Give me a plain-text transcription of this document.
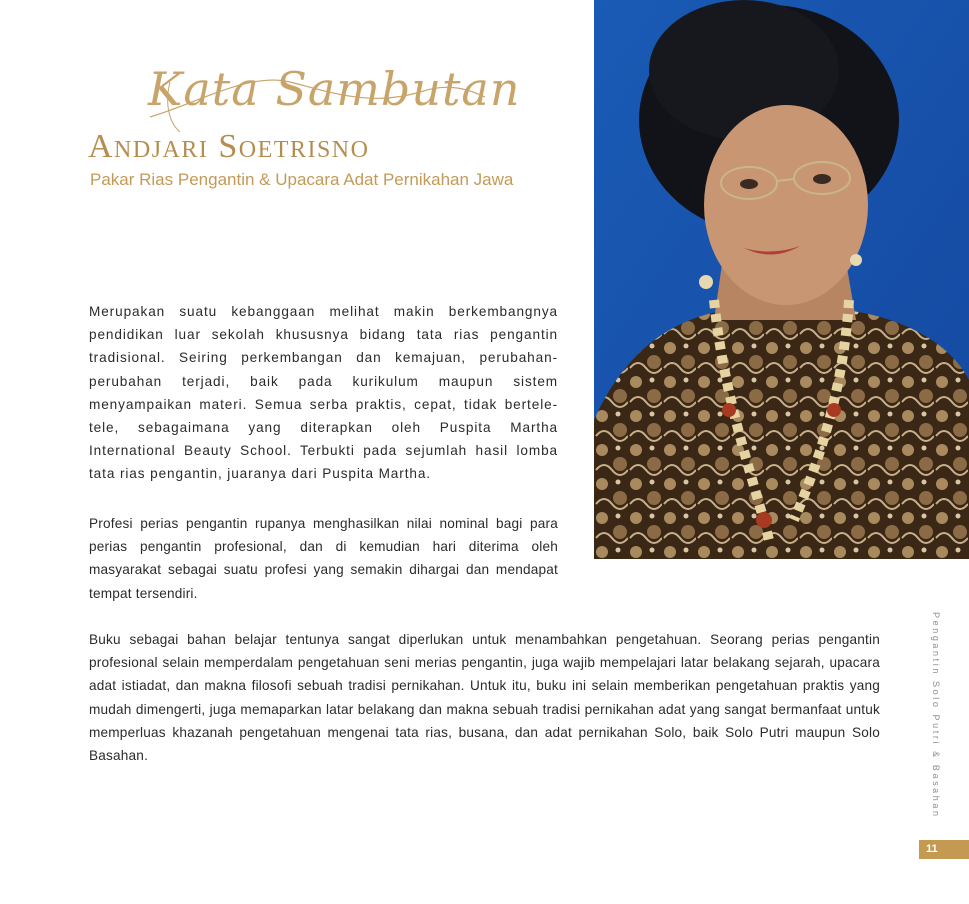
Kata Sambutan
Andjari Soetrisno
Pakar Rias Pengantin & Upacara Adat Pernikahan Jawa

Merupakan suatu kebanggaan melihat makin berkembangnya pendidikan luar sekolah khususnya bidang tata rias pengantin tradisional. Seiring perkembangan dan kemajuan, perubahan-perubahan terjadi, baik pada kurikulum maupun sistem menyampaikan materi. Semua serba praktis, cepat, tidak bertele-tele, sebagaimana yang diterapkan oleh Puspita Martha International Beauty School. Terbukti pada sejumlah hasil lomba tata rias pengantin, juaranya dari Puspita Martha.

Profesi perias pengantin rupanya menghasilkan nilai nominal bagi para perias pengantin profesional, dan di kemudian hari diterima oleh masyarakat sebagai suatu profesi yang semakin dihargai dan mendapat tempat tersendiri.

Buku sebagai bahan belajar tentunya sangat diperlukan untuk menambahkan pengetahuan. Seorang perias pengantin profesional selain memperdalam pengetahuan seni merias pengantin, juga wajib mempelajari latar belakang sejarah, upacara adat istiadat, dan makna filosofi sebuah tradisi pernikahan. Untuk itu, buku ini selain memberikan pengetahuan praktis yang mudah dimengerti, juga memaparkan latar belakang dan makna sebuah tradisi pernikahan adat yang sangat bermanfaat untuk memperluas khazanah pengetahuan mengenai tata rias, busana, dan adat pernikahan Solo, baik Solo Putri maupun Solo Basahan.	Pengantin Solo Putri & Basahan
11
